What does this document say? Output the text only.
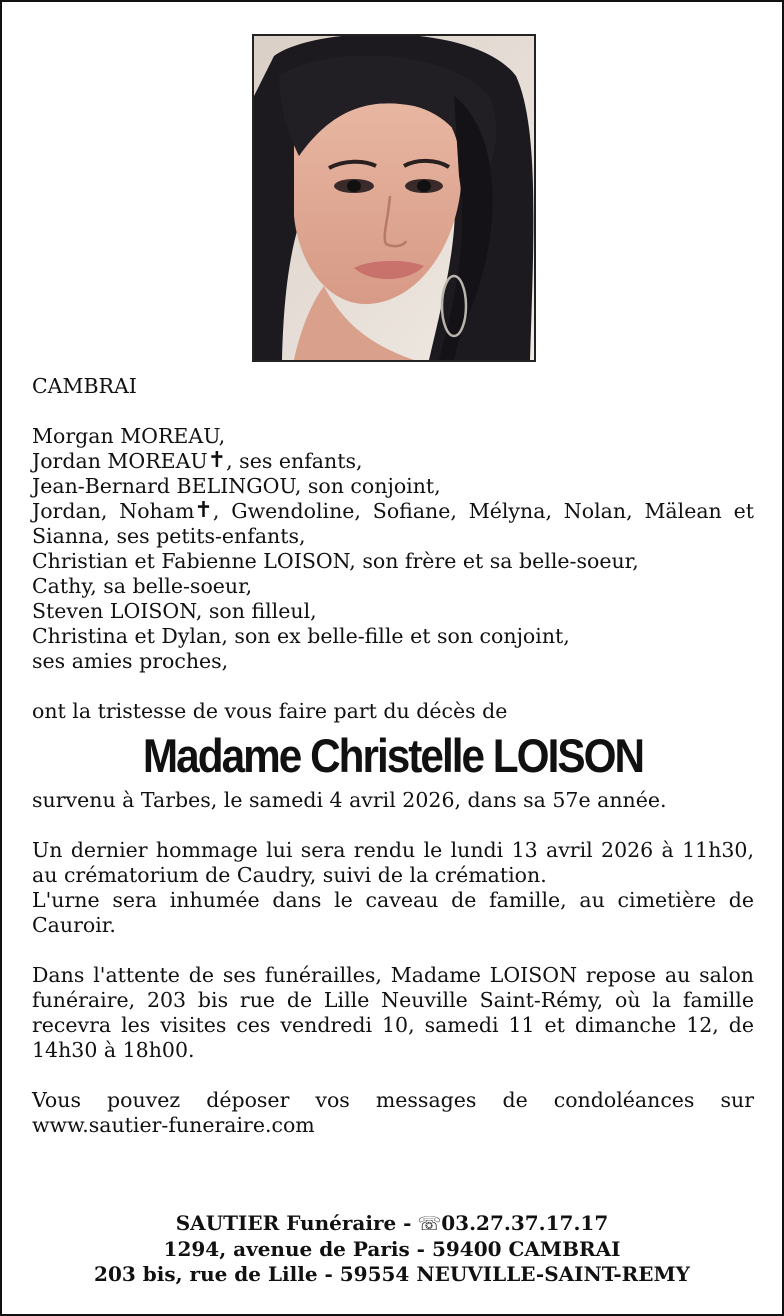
CAMBRAI

Morgan MOREAU,
Jordan MOREAU✝, ses enfants,
Jean-Bernard BELINGOU, son conjoint,
Jordan, Noham✝, Gwendoline, Sofiane, Mélyna, Nolan, Mälean et Sianna, ses petits-enfants,
Christian et Fabienne LOISON, son frère et sa belle-soeur,
Cathy, sa belle-soeur,
Steven LOISON, son filleul,
Christina et Dylan, son ex belle-fille et son conjoint,
ses amies proches,

ont la tristesse de vous faire part du décès de

Madame Christelle LOISON

survenu à Tarbes, le samedi 4 avril 2026, dans sa 57e année.

Un dernier hommage lui sera rendu le lundi 13 avril 2026 à 11h30, au crématorium de Caudry, suivi de la crémation.

L'urne sera inhumée dans le caveau de famille, au cimetière de Cauroir.

Dans l'attente de ses funérailles, Madame LOISON repose au salon funéraire, 203 bis rue de Lille Neuville Saint-Rémy, où la famille recevra les visites ces vendredi 10, samedi 11 et dimanche 12, de 14h30 à 18h00.

Vous pouvez déposer vos messages de condoléances sur www.sautier-funeraire.com

SAUTIER Funéraire - ☏03.27.37.17.17
1294, avenue de Paris - 59400 CAMBRAI
203 bis, rue de Lille - 59554 NEUVILLE-SAINT-REMY
